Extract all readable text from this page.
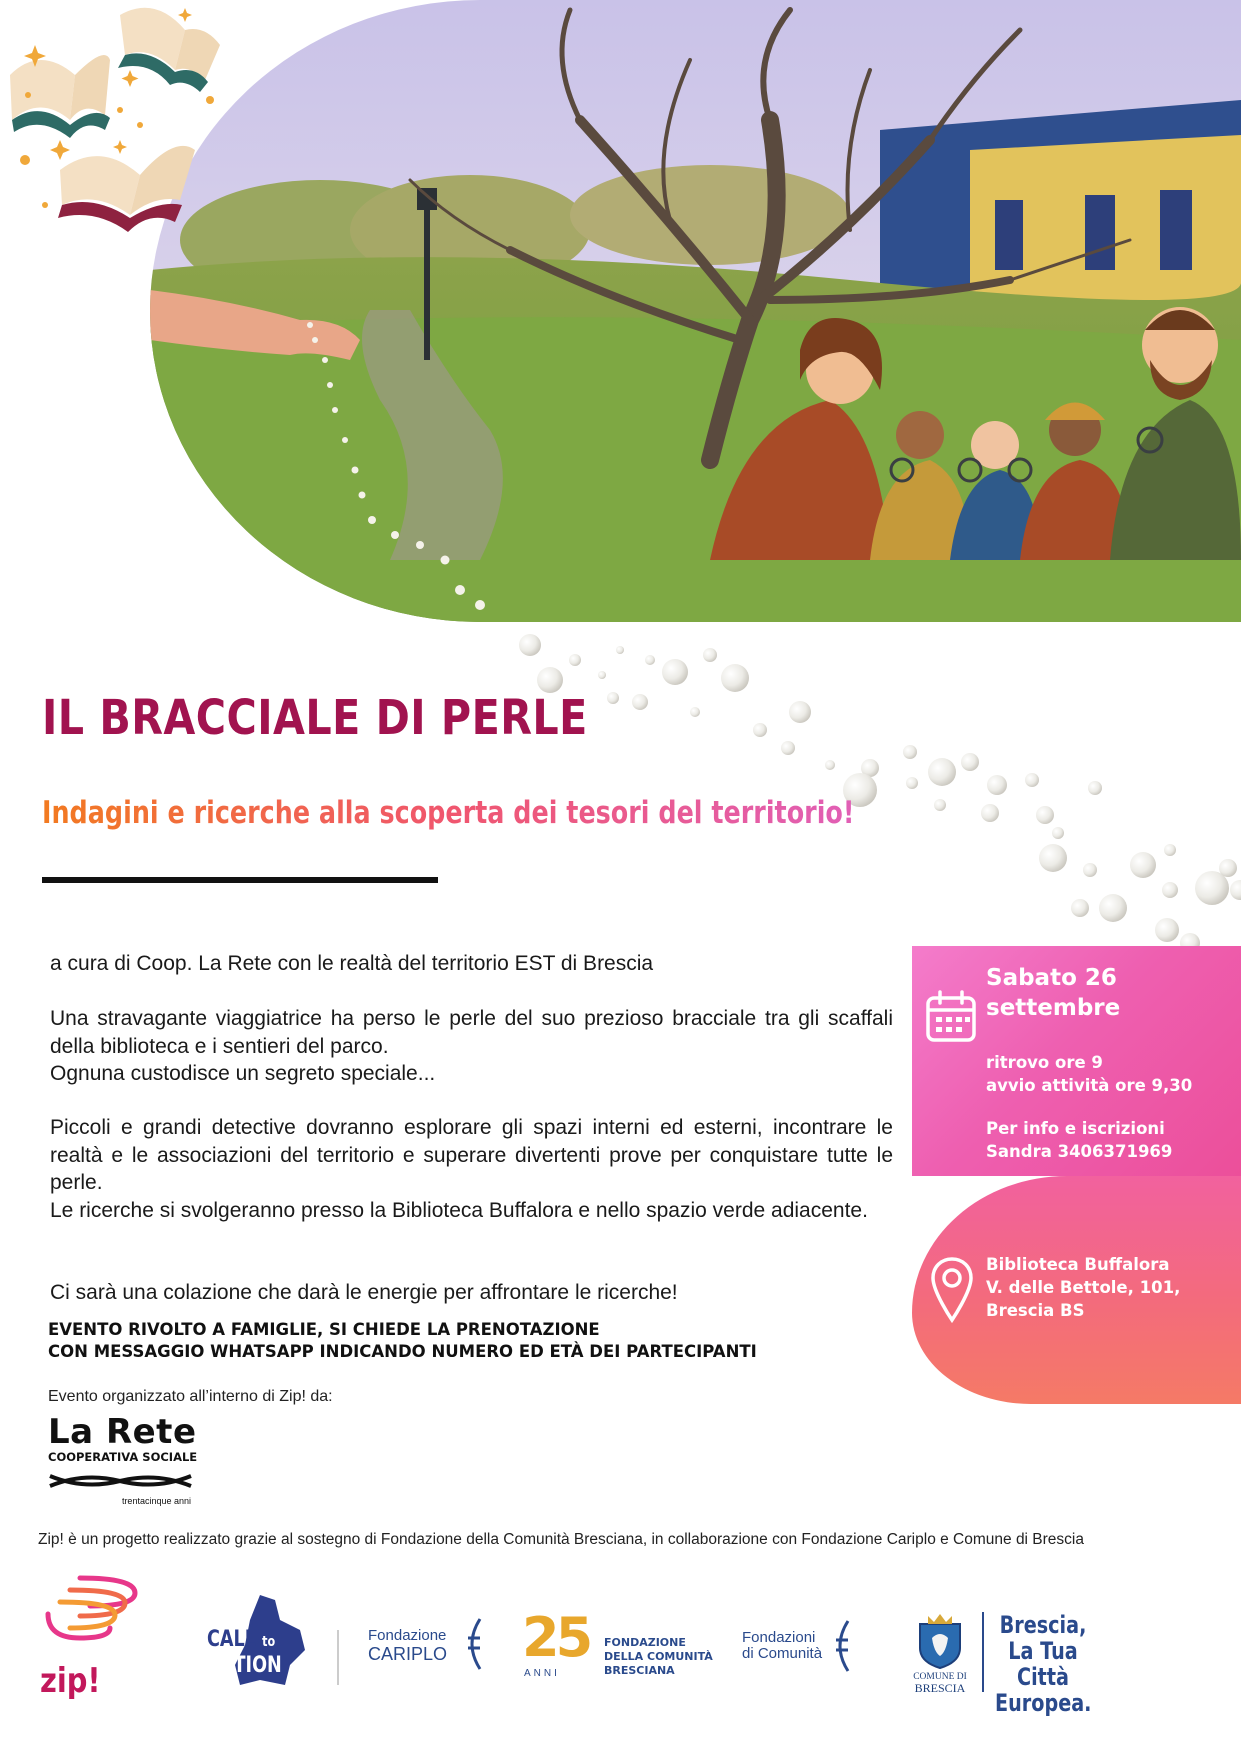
IL BRACCIALE DI PERLE
Indagini e ricerche alla scoperta dei tesori del territorio!

a cura di Coop. La Rete con le realtà del territorio EST di Brescia

Una stravagante viaggiatrice ha perso le perle del suo prezioso bracciale tra gli scaffali della biblioteca e i sentieri del parco.

Ognuna custodisce un segreto speciale...

Piccoli e grandi detective dovranno esplorare gli spazi interni ed esterni, incontrare le realtà e le associazioni del territorio e superare divertenti prove per conquistare tutte le perle.

Le ricerche si svolgeranno presso la Biblioteca Buffalora e nello spazio verde adiacente.

Ci sarà una colazione che darà le energie per affrontare le ricerche!

EVENTO RIVOLTO A FAMIGLIE, SI CHIEDE LA PRENOTAZIONE
CON MESSAGGIO WHATSAPP INDICANDO NUMERO ED ETÀ DEI PARTECIPANTI
Evento organizzato all’interno di Zip! da:
Sabato 26
settembre
ritrovo ore 9
avvio attività ore 9,30
Per info e iscrizioni
Sandra 3406371969
Biblioteca Buffalora
V. delle Bettole, 101,
Brescia BS
La Rete
COOPERATIVA SOCIALE
trentacinque anni
Zip! è un progetto realizzato grazie al sostegno di Fondazione della Comunità Bresciana, in collaborazione con Fondazione Cariplo e Comune di Brescia
zip!
CALL to
ACTION
Fondazione
CARIPLO	25
ANNI
FONDAZIONE
DELLA COMUNITÀ
BRESCIANA
Fondazioni
di Comunità
COMUNE DI
BRESCIA
Brescia,
La Tua Città
Europea.
